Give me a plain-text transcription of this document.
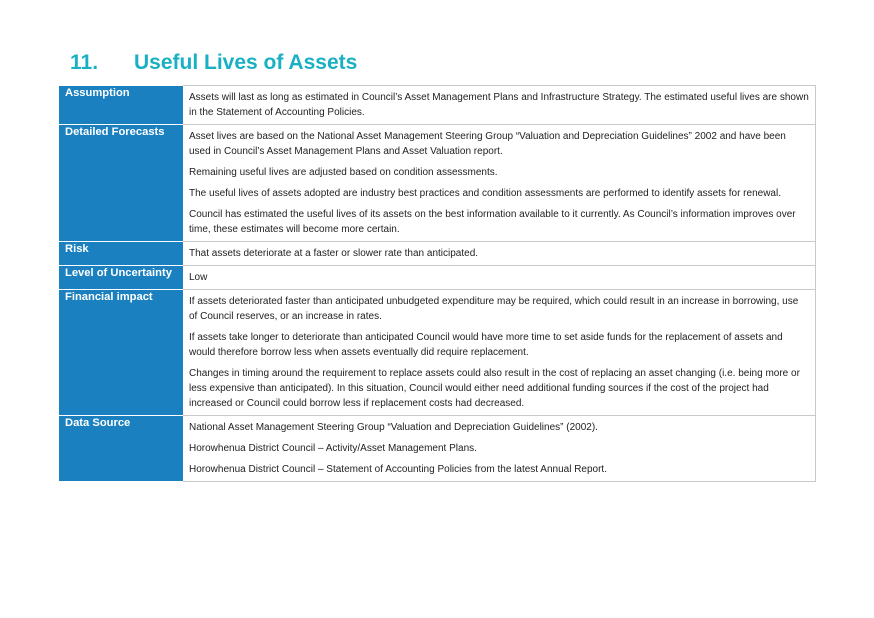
11. Useful Lives of Assets
Assumption	Assets will last as long as estimated in Council’s Asset Management Plans and Infrastructure Strategy. The estimated useful lives are shown in the Statement of Accounting Policies.

Detailed Forecasts	Asset lives are based on the National Asset Management Steering Group “Valuation and Depreciation Guidelines” 2002 and have been used in Council’s Asset Management Plans and Asset Valuation report.

Remaining useful lives are adjusted based on condition assessments.

The useful lives of assets adopted are industry best practices and condition assessments are performed to identify assets for renewal.

Council has estimated the useful lives of its assets on the best information available to it currently. As Council’s information improves over time, these estimates will become more certain.

Risk	That assets deteriorate at a faster or slower rate than anticipated.

Level of Uncertainty	Low

Financial impact	If assets deteriorated faster than anticipated unbudgeted expenditure may be required, which could result in an increase in borrowing, use of Council reserves, or an increase in rates.

If assets take longer to deteriorate than anticipated Council would have more time to set aside funds for the replacement of assets and would therefore borrow less when assets eventually did require replacement.

Changes in timing around the requirement to replace assets could also result in the cost of replacing an asset changing (i.e. being more or less expensive than anticipated). In this situation, Council would either need additional funding sources if the cost of the project had increased or Council could borrow less if replacement costs had decreased.

Data Source	National Asset Management Steering Group “Valuation and Depreciation Guidelines” (2002).

Horowhenua District Council – Activity/Asset Management Plans.

Horowhenua District Council – Statement of Accounting Policies from the latest Annual Report.
